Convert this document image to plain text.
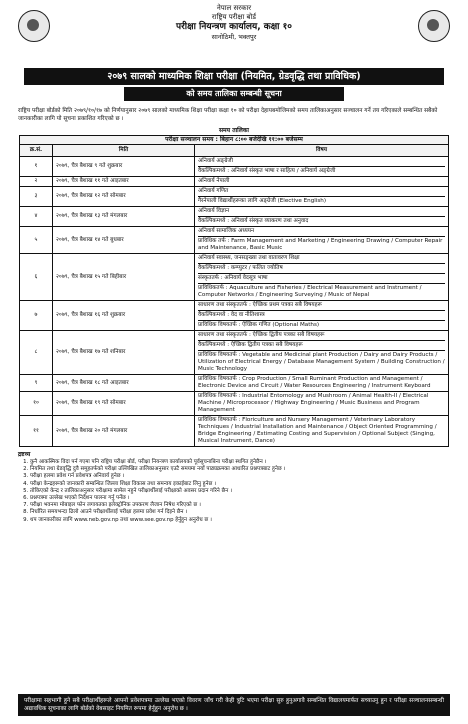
नेपाल सरकार
राष्ट्रिय परीक्षा बोर्ड
परीक्षा नियन्त्रण कार्यालय, कक्षा १०
सानोठिमी, भक्तपुर
२०७९ सालको माध्यमिक शिक्षा परीक्षा (नियमित, ग्रेडवृद्धि तथा प्राविधिक)
को समय तालिका सम्बन्धी सूचना
राष्ट्रिय परीक्षा बोर्डको मिति २०७९/१०/१७ को निर्णयानुसार २०७९ सालको माध्यमिक शिक्षा परीक्षा कक्षा १० को परीक्षा देहायबमोजिमको समय तालिकाअनुसार सञ्चालन गर्ने तय गरिएकाले सम्बन्धित सबैको जानकारीका लागि यो सूचना प्रकाशित गरिएको छ ।
समय तालिका
परीक्षा सञ्चालन समय : बिहान ८:०० बजेदेखि ११:०० बजेसम्म
क्र.सं.	मिति	विषय
१	२०७९, चैत्र बैशाख ९ गते शुक्रबार	अनिवार्य अङ्ग्रेजी
वैकल्पिकमध्ये : अनिवार्य संस्कृत भाषा र साहित्य / अनिवार्य अङ्ग्रेजी

२	२०७९, चैत्र बैशाख ११ गते आइतबार	अनिवार्य नेपाली

३	२०७९, चैत्र बैशाख १२ गते सोमबार	अनिवार्य गणित
गैरनेपाली विद्यार्थीहरूका लागि अङ्ग्रेजी (Elective English)

४	२०७९, चैत्र बैशाख १३ गते मंगलबार	अनिवार्य विज्ञान
वैकल्पिकमध्ये : अनिवार्य संस्कृत व्याकरण तथा अनुवाद

५	२०७९, चैत्र बैशाख १४ गते बुधबार	अनिवार्य सामाजिक अध्ययन
प्राविधिक तर्फ : Farm Management and Marketing / Engineering Drawing / Computer Repair and Maintenance, Basic Music

६	२०७९, चैत्र बैशाख १५ गते बिहीबार	अनिवार्य स्वास्थ्य, जनसङ्ख्या तथा वातावरण शिक्षा
वैकल्पिकमध्ये : कम्प्युटर / फलित ज्योतिष
संस्कृततर्फ : अनिवार्य वेदसूत्र भाषा
प्राविधिकतर्फ : Aquaculture and Fisheries / Electrical Measurement and Instrument / Computer Networks / Engineering Surveying / Music of Nepal

७	२०७९, चैत्र बैशाख १६ गते शुक्रबार	साधारण तथा संस्कृततर्फ : ऐच्छिक प्रथम पत्रका सबै विषयहरू
वैकल्पिकमध्ये : वेद वा नीतिशास्त्र
प्राविधिक विषयतर्फ : ऐच्छिक गणित (Optional Maths)

८	२०७९, चैत्र बैशाख १७ गते शनिबार	साधारण तथा संस्कृततर्फ : ऐच्छिक द्वितीय पत्रका सबै विषयहरू
वैकल्पिकमध्ये : ऐच्छिक द्वितीय पत्रका सबै विषयहरू
प्राविधिक विषयतर्फ : Vegetable and Medicinal plant Production / Dairy and Dairy Products / Utilization of Electrical Energy / Database Management System / Building Construction / Music Technology

९	२०७९, चैत्र बैशाख १८ गते आइतबार	प्राविधिक विषयतर्फ : Crop Production / Small Ruminant Production and Management / Electronic Device and Circuit / Water Resources Engineering / Instrument Keyboard

१०	२०७९, चैत्र बैशाख १९ गते सोमबार	प्राविधिक विषयतर्फ : Industrial Entomology and Mushroom / Animal Health-II / Electrical Machine / Microprocessor / Highway Engineering / Music Business and Program Management

११	२०७९, चैत्र बैशाख २० गते मंगलबार	प्राविधिक विषयतर्फ : Floriculture and Nursery Management / Veterinary Laboratory Techniques / Industrial Installation and Maintenance / Object Oriented Programming / Bridge Engineering / Estimating Costing and Supervision / Optional Subject (Singing, Musical Instrument, Dance)
द्रष्टव्य
1. कुनै आकस्मिक विदा पर्न गएमा पनि राष्ट्रिय परीक्षा बोर्ड, परीक्षा नियन्त्रण कार्यालयको पूर्वसूचनाबिना परीक्षा स्थगित हुनेछैन ।
2. नियमित तथा ग्रेडवृद्धि दुवै समूहतर्फको परीक्षा उल्लिखित तालिकाअनुसार एउटै समयमा नयाँ पाठ्यक्रमका आधारित प्रश्नपत्रबाट हुनेछ ।
3. परीक्षा हलमा प्रवेश गर्न प्रवेशपत्र अनिवार्य हुनेछ ।
4. परीक्षा केन्द्रहरूको जानकारी सम्बन्धित जिल्ला शिक्षा विकास तथा समन्वय इकाईबाट लिनु हुनेछ ।
5. तोकिएको केन्द्र र तालिकाअनुसार परीक्षामा सामेल नहुने परीक्षार्थीलाई परीक्षाको अवसर प्रदान गरिने छैन ।
6. प्रश्नपत्रमा उल्लेख भएको निर्देशन पालना गर्नु पर्नेछ ।
7. परीक्षा भवनमा मोबाइल फोन लगायतका इलेक्ट्रोनिक उपकरण लैजान निषेध गरिएको छ ।
8. निर्धारित समयभन्दा ढिलो आउने परीक्षार्थीलाई परीक्षा हलमा प्रवेश गर्न दिइने छैन ।
9. थप जानकारीका लागि www.neb.gov.np तथा www.see.gov.np हेर्नुहुन अनुरोध छ ।
परीक्षामा सहभागी हुने सबै परीक्षार्थीहरूले आफ्नो प्रवेशपत्रमा उल्लेख भएको विवरण जाँच गरी केही त्रुटि भएमा परीक्षा सुरु हुनुअगावै सम्बन्धित विद्यालयमार्फत सच्याउनु हुन र परीक्षा सञ्चालनसम्बन्धी अद्यावधिक सूचनाका लागि बोर्डको वेबसाइट नियमित रूपमा हेर्नुहुन अनुरोध छ ।
